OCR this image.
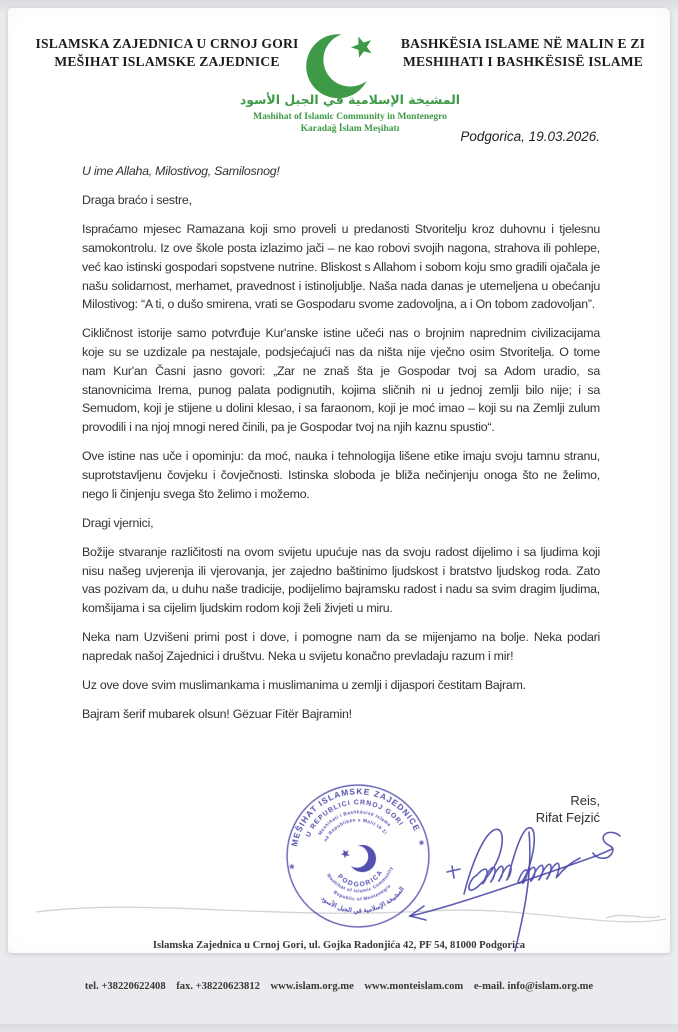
ISLAMSKA ZAJEDNICA U CRNOJ GORI
MEŠIHAT ISLAMSKE ZAJEDNICE
BASHKËSIA ISLAME NË MALIN E ZI
MESHIHATI I BASHKËSISË ISLAME
المشيخة الإسلامية في الجبل الأسود
Mashihat of Islamic Community in Montenegro
Karadağ İslam Meşihatı	Podgorica, 19.03.2026.

U ime Allaha, Milostivog, Samilosnog!

Draga braćo i sestre,

Ispraćamo mjesec Ramazana koji smo proveli u predanosti Stvoritelju kroz duhovnu i tjelesnu samokontrolu. Iz ove škole posta izlazimo jači – ne kao robovi svojih nagona, strahova ili pohlepe, već kao istinski gospodari sopstvene nutrine. Bliskost s Allahom i sobom koju smo gradili ojačala je našu solidarnost, merhamet, pravednost i istinoljublje. Naša nada danas je utemeljena u obećanju Milostivog: “A ti, o dušo smirena, vrati se Gospodaru svome zadovoljna, a i On tobom zadovoljan”.

Cikličnost istorije samo potvrđuje Kur'anske istine učeći nas o brojnim naprednim civilizacijama koje su se uzdizale pa nestajale, podsjećajući nas da ništa nije vječno osim Stvoritelja. O tome nam Kur'an Časni jasno govori: „Zar ne znaš šta je Gospodar tvoj sa Adom uradio, sa stanovnicima Irema, punog palata podignutih, kojima sličnih ni u jednoj zemlji bilo nije; i sa Semudom, koji je stijene u dolini klesao, i sa faraonom, koji je moć imao – koji su na Zemlji zulum provodili i na njoj mnogi nered činili, pa je Gospodar tvoj na njih kaznu spustio“.

Ove istine nas uče i opominju: da moć, nauka i tehnologija lišene etike imaju svoju tamnu stranu, suprotstavljenu čovjeku i čovječnosti. Istinska sloboda je bliža nečinjenju onoga što ne želimo, nego li činjenju svega što želimo i možemo.

Dragi vjernici,

Božije stvaranje različitosti na ovom svijetu upućuje nas da svoju radost dijelimo i sa ljudima koji nisu našeg uvjerenja ili vjerovanja, jer zajedno baštinimo ljudskost i bratstvo ljudskog roda. Zato vas pozivam da, u duhu naše tradicije, podijelimo bajramsku radost i nadu sa svim dragim ljudima, komšijama i sa cijelim ljudskim rodom koji želi živjeti u miru.

Neka nam Uzvišeni primi post i dove, i pomogne nam da se mijenjamo na bolje. Neka podari napredak našoj Zajednici i društvu. Neka u svijetu konačno prevladaju razum i mir!

Uz ove dove svim muslimankama i muslimanima u zemlji i dijaspori čestitam Bajram.

Bajram šerif mubarek olsun! Gëzuar Fitër Bajramin!

MEŠIHAT ISLAMSKE ZAJEDNICE
U REPUBLICI CRNOJ GORI
Meshihati i Bashkësisë Islame
në Republikën e Malit të Zi
PODGORICA
Mashihat of Islamic Community
Republic of Montenegro
المشيخة الإسلامية في الجبل الأسود
✳
✳
Reis,
Rifat Fejzić

Islamska Zajednica u Crnoj Gori, ul. Gojka Radonjića 42, PF 54, 81000 Podgorica

tel. +38220622408    fax. +38220623812    www.islam.org.me    www.monteislam.com    e-mail. info@islam.org.me
